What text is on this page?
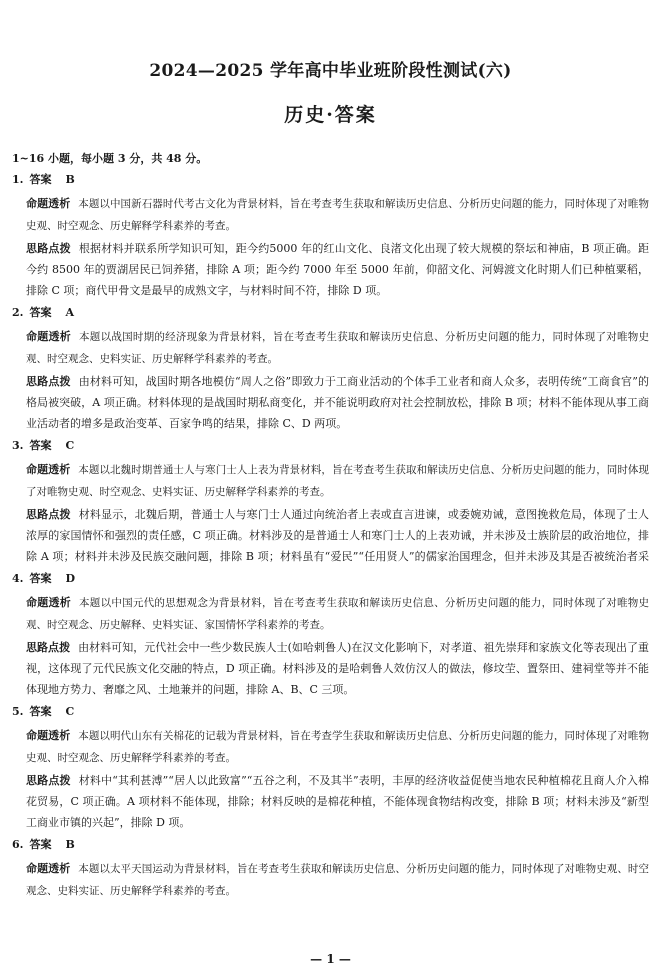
2024—2025 学年高中毕业班阶段性测试(六)
历史·答案
1~16 小题，每小题 3 分，共 48 分。
1. 答案 B
命题透析 本题以中国新石器时代考古文化为背景材料，旨在考查考生获取和解读历史信息、分析历史问题的能力，同时体现了对唯物史观、时空观念、历史解释学科素养的考查。
思路点拨 根据材料并联系所学知识可知，距今约5000 年的红山文化、良渚文化出现了较大规模的祭坛和神庙，B 项正确。距今约 8500 年的贾湖居民已饲养猪，排除 A 项；距今约 7000 年至 5000 年前，仰韶文化、河姆渡文化时期人们已种植粟稻，排除 C 项；商代甲骨文是最早的成熟文字，与材料时间不符，排除 D 项。
2. 答案 A
命题透析 本题以战国时期的经济现象为背景材料，旨在考查考生获取和解读历史信息、分析历史问题的能力，同时体现了对唯物史观、时空观念、史料实证、历史解释学科素养的考查。
思路点拨 由材料可知，战国时期各地模仿“周人之俗”即致力于工商业活动的个体手工业者和商人众多，表明传统“工商食官”的格局被突破，A 项正确。材料体现的是战国时期私商变化，并不能说明政府对社会控制放松，排除 B 项；材料不能体现从事工商业活动者的增多是政治变革、百家争鸣的结果，排除 C、D 两项。
3. 答案 C
命题透析 本题以北魏时期普通士人与寒门士人上表为背景材料，旨在考查考生获取和解读历史信息、分析历史问题的能力，同时体现了对唯物史观、时空观念、史料实证、历史解释学科素养的考查。
思路点拨 材料显示，北魏后期，普通士人与寒门士人通过向统治者上表或直言进谏，或委婉劝诫，意图挽救危局，体现了士人浓厚的家国情怀和强烈的责任感，C 项正确。材料涉及的是普通士人和寒门士人的上表劝诫，并未涉及士族阶层的政治地位，排除 A 项；材料并未涉及民族交融问题，排除 B 项；材料虽有“爱民”“任用贤人”的儒家治国理念，但并未涉及其是否被统治者采
4. 答案 D
命题透析 本题以中国元代的思想观念为背景材料，旨在考查考生获取和解读历史信息、分析历史问题的能力，同时体现了对唯物史观、时空观念、历史解释、史料实证、家国情怀学科素养的考查。
思路点拨 由材料可知，元代社会中一些少数民族人士(如哈剌鲁人)在汉文化影响下，对孝道、祖先崇拜和家族文化等表现出了重视，这体现了元代民族文化交融的特点，D 项正确。材料涉及的是哈剌鲁人效仿汉人的做法，修坟茔、置祭田、建祠堂等并不能体现地方势力、奢靡之风、土地兼并的问题，排除 A、B、C 三项。
5. 答案 C
命题透析 本题以明代山东有关棉花的记载为背景材料，旨在考查学生获取和解读历史信息、分析历史问题的能力，同时体现了对唯物史观、时空观念、历史解释学科素养的考查。
思路点拨 材料中“其利甚溥”“居人以此致富”“五谷之利，不及其半”表明，丰厚的经济收益促使当地农民种植棉花且商人介入棉花贸易，C 项正确。A 项材料不能体现，排除；材料反映的是棉花种植，不能体现食物结构改变，排除 B 项；材料未涉及“新型工商业市镇的兴起”，排除 D 项。
6. 答案 B
命题透析 本题以太平天国运动为背景材料，旨在考查考生获取和解读历史信息、分析历史问题的能力，同时体现了对唯物史观、时空观念、史料实证、历史解释学科素养的考查。
— 1 —
